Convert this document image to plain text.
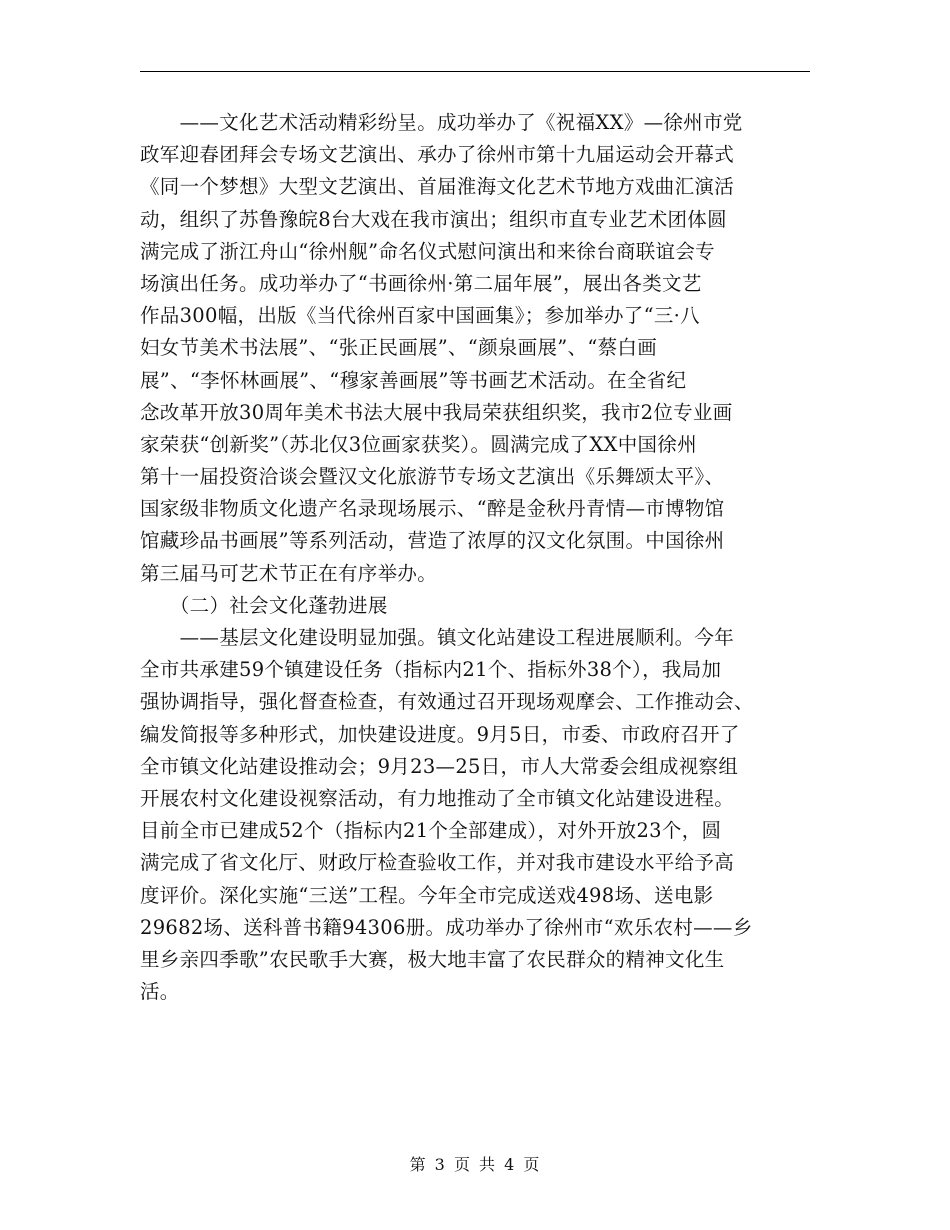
　　——文化艺术活动精彩纷呈。成功举办了《祝福XX》—徐州市党
政军迎春团拜会专场文艺演出、承办了徐州市第十九届运动会开幕式
《同一个梦想》大型文艺演出、首届淮海文化艺术节地方戏曲汇演活
动，组织了苏鲁豫皖8台大戏在我市演出；组织市直专业艺术团体圆
满完成了浙江舟山“徐州舰”命名仪式慰问演出和来徐台商联谊会专
场演出任务。成功举办了“书画徐州·第二届年展”，展出各类文艺
作品300幅，出版《当代徐州百家中国画集》；参加举办了“三·八
妇女节美术书法展”、“张正民画展”、“颜泉画展”、“蔡白画
展”、“李怀林画展”、“穆家善画展”等书画艺术活动。在全省纪
念改革开放30周年美术书法大展中我局荣获组织奖，我市2位专业画
家荣获“创新奖”（苏北仅3位画家获奖）。圆满完成了XX中国徐州
第十一届投资洽谈会暨汉文化旅游节专场文艺演出《乐舞颂太平》、
国家级非物质文化遗产名录现场展示、“醉是金秋丹青情—市博物馆
馆藏珍品书画展”等系列活动，营造了浓厚的汉文化氛围。中国徐州
第三届马可艺术节正在有序举办。
　　（二）社会文化蓬勃进展
　　——基层文化建设明显加强。镇文化站建设工程进展顺利。今年
全市共承建59个镇建设任务（指标内21个、指标外38个），我局加
强协调指导，强化督查检查，有效通过召开现场观摩会、工作推动会、
编发简报等多种形式，加快建设进度。9月5日，市委、市政府召开了
全市镇文化站建设推动会；9月23—25日，市人大常委会组成视察组
开展农村文化建设视察活动，有力地推动了全市镇文化站建设进程。
目前全市已建成52个（指标内21个全部建成），对外开放23个，圆
满完成了省文化厅、财政厅检查验收工作，并对我市建设水平给予高
度评价。深化实施“三送”工程。今年全市完成送戏498场、送电影
29682场、送科普书籍94306册。成功举办了徐州市“欢乐农村——乡
里乡亲四季歌”农民歌手大赛，极大地丰富了农民群众的精神文化生
活。
第 3 页 共 4 页
